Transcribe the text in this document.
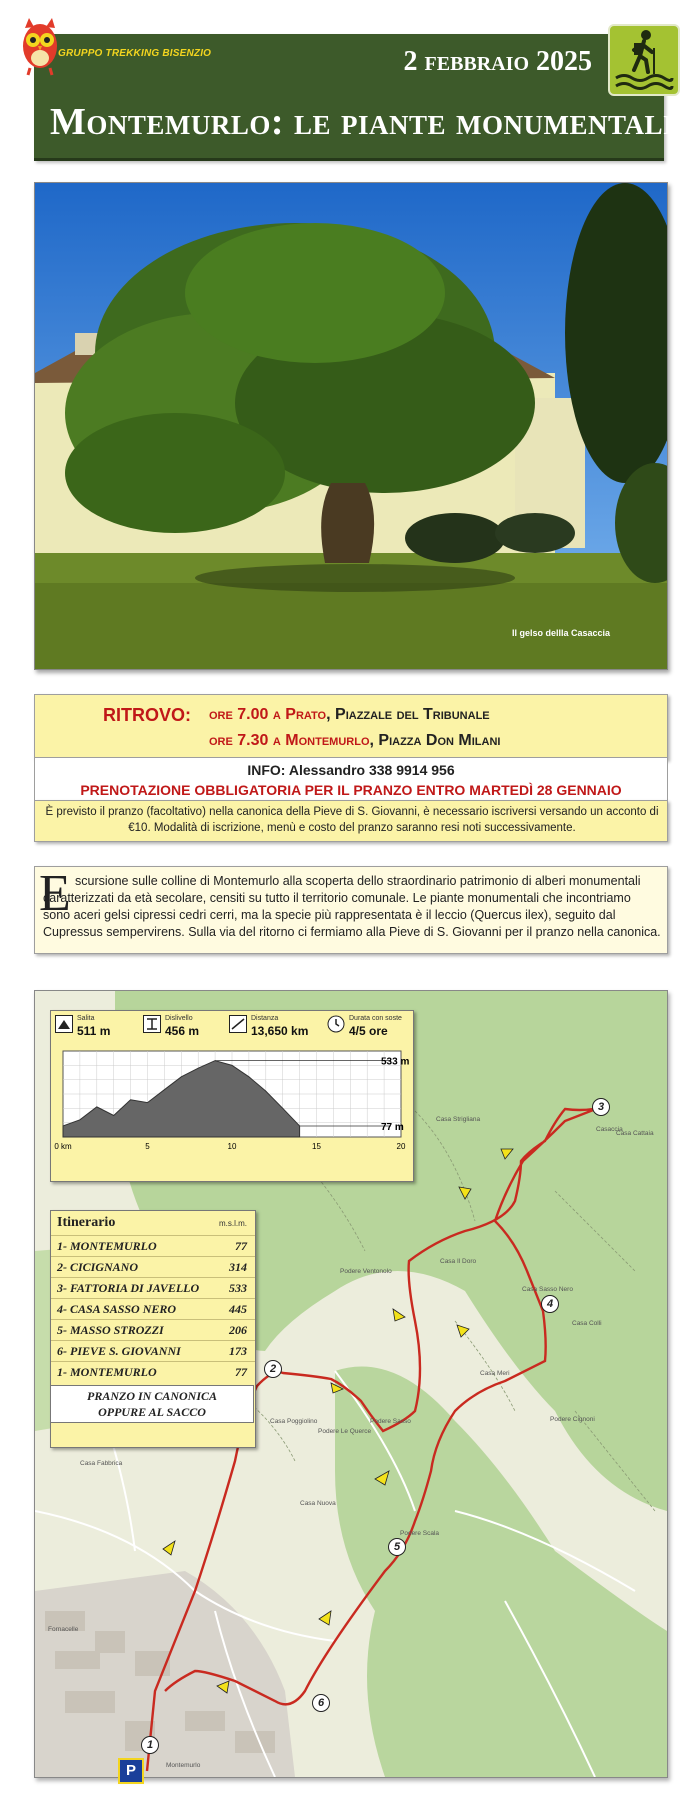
GRUPPO TREKKING BISENZIO	2 febbraio 2025
Montemurlo: le piante monumentali
Il gelso dellla Casaccia
RITROVO: ore 7.00 a Prato, Piazzale del Tribunale
ore 7.30 a Montemurlo, Piazza Don Milani
INFO: Alessandro 338 9914 956
PRENOTAZIONE OBBLIGATORIA PER IL PRANZO ENTRO MARTEDÌ 28 GENNAIO
È previsto il pranzo (facoltativo) nella canonica della Pieve di S. Giovanni, è necessario iscriversi versando un acconto di €10. Modalità di iscrizione, menù e costo del pranzo saranno resi noti successivamente.
E scursione sulle colline di Montemurlo alla scoperta dello straordinario patrimonio di alberi monumentali caratterizzati da età secolare, censiti su tutto il territorio comunale. Le piante monumentali che incontriamo sono aceri gelsi cipressi cedri cerri, ma la specie più rappresentata è il leccio (Quercus ilex), seguito dal Cupressus sempervirens. Sulla via del ritorno ci fermiamo alla Pieve di S. Giovanni per il pranzo nella canonica.
1
2
3
4
5
6
P
Casaccia
Casa Sasso Nero
Casa Poggiolino	Podere Sasso
Podere Scala
Montemurlo
Fornacelle
Casa Fabbrica
Casa Nuova
Casa Strigliana
Podere Cignoni
Casa Cattaia
Podere Ventonolo
Casa Colli
Casa Meri
Casa Il Doro
Podere Le Querce
Salita
511 m
Dislivello
456 m
Distanza
13,650 km
Durata con soste
4/5 ore
533 m
77 m
0 km	5	10	15	20
Itinerario	m.s.l.m.
1- MONTEMURLO	77
2- CICIGNANO	314
3- FATTORIA DI JAVELLO 533
4- CASA SASSO NERO	445
5- MASSO STROZZI	206
6- PIEVE S. GIOVANNI	173
1- MONTEMURLO	77
PRANZO IN CANONICA OPPURE AL SACCO
